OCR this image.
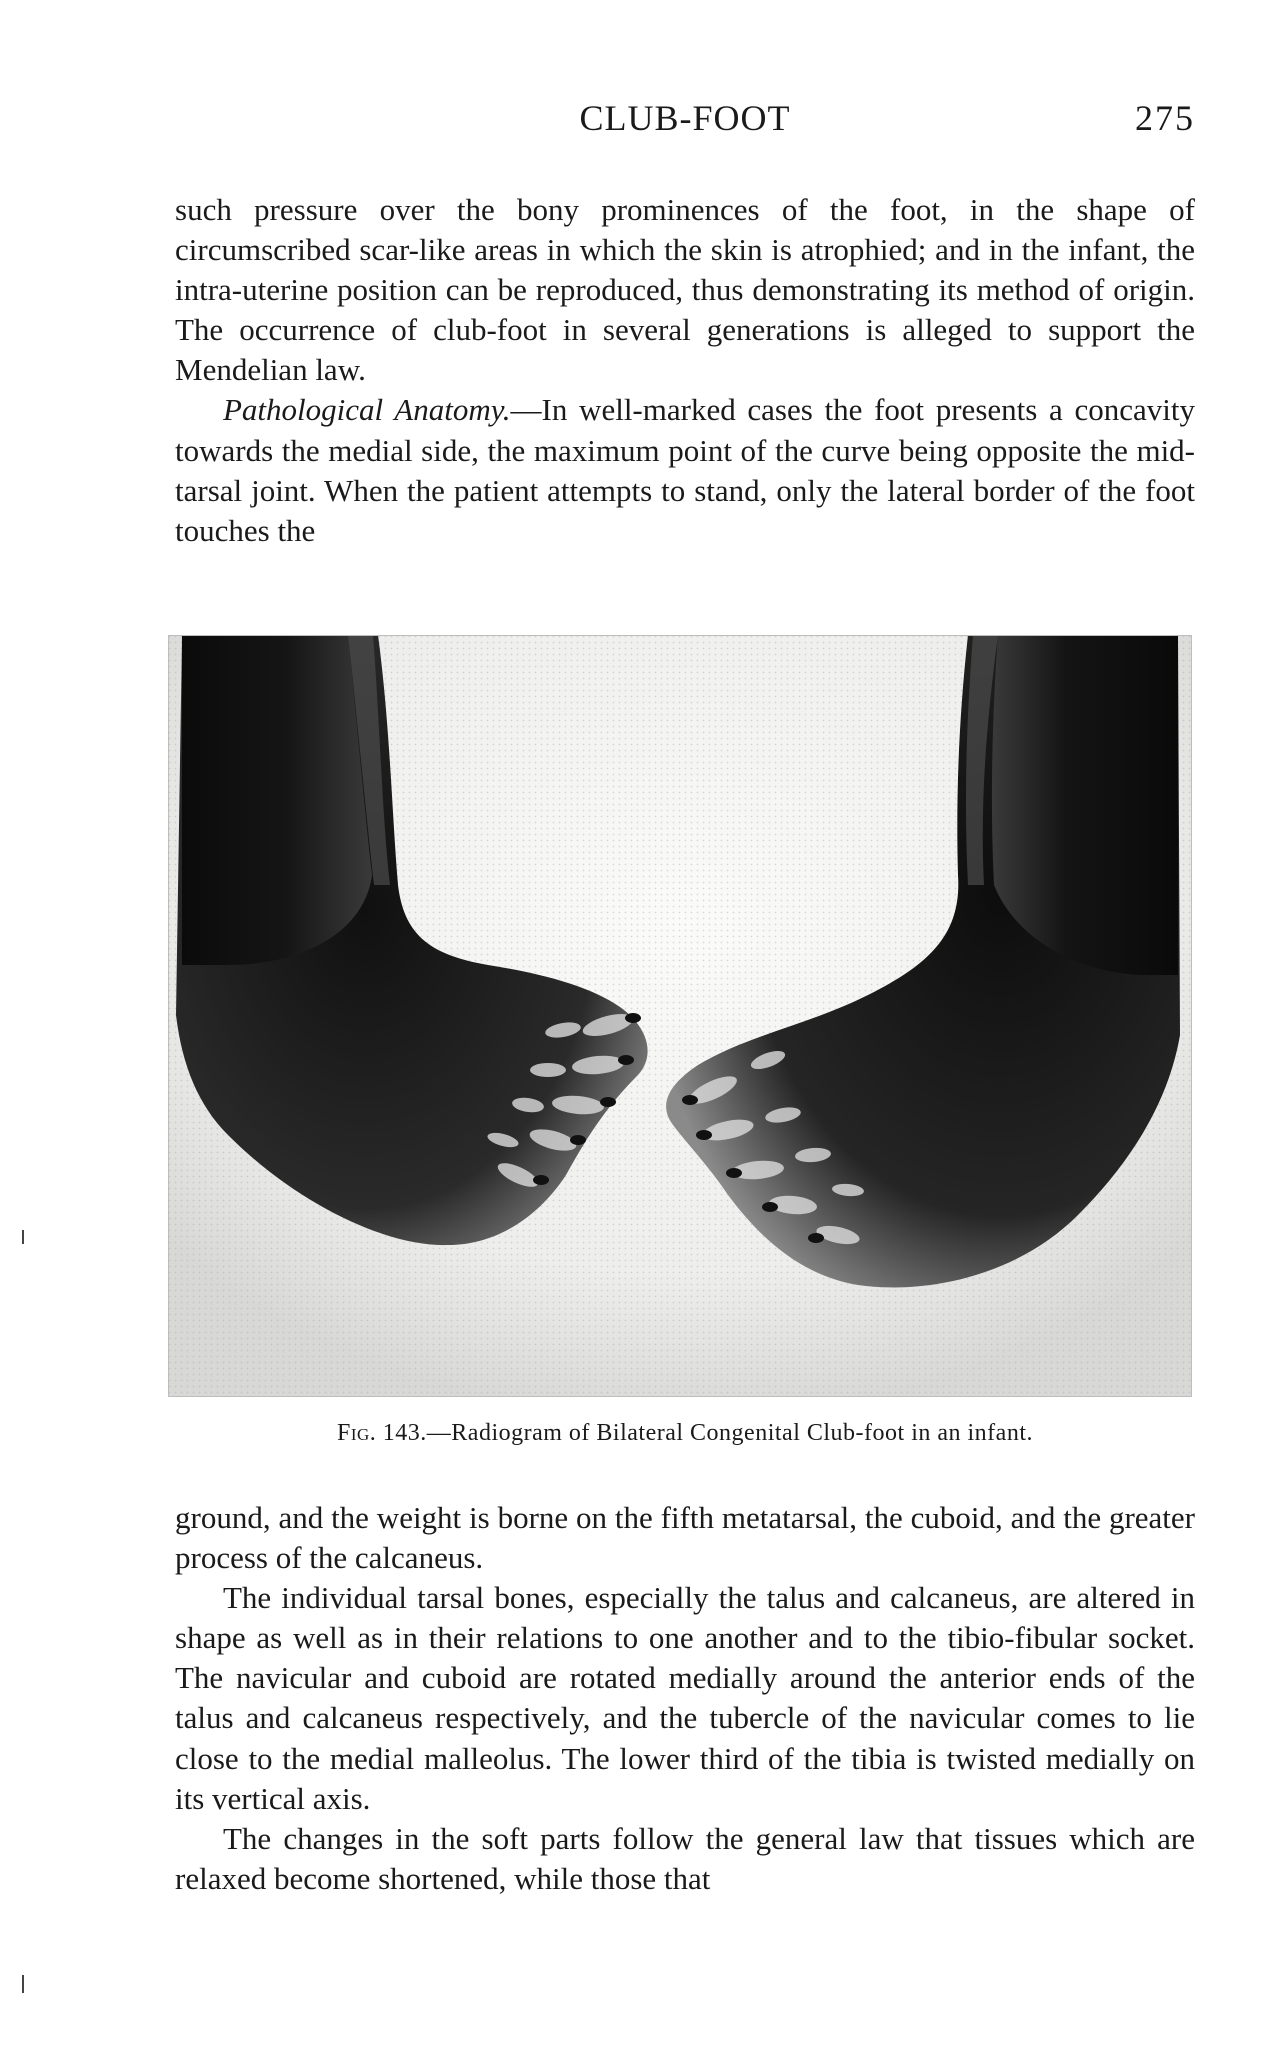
CLUB-FOOT	275

such pressure over the bony prominences of the foot, in the shape of circumscribed scar-like areas in which the skin is atrophied; and in the infant, the intra-uterine position can be reproduced, thus demonstrating its method of origin. The occurrence of club-foot in several generations is alleged to support the Mendelian law.

Pathological Anatomy.—In well-marked cases the foot presents a concavity towards the medial side, the maximum point of the curve being opposite the mid-tarsal joint. When the patient attempts to stand, only the lateral border of the foot touches the

Fig. 143.—Radiogram of Bilateral Congenital Club-foot in an infant.

ground, and the weight is borne on the fifth metatarsal, the cuboid, and the greater process of the calcaneus.

The individual tarsal bones, especially the talus and calcaneus, are altered in shape as well as in their relations to one another and to the tibio-fibular socket. The navicular and cuboid are rotated medially around the anterior ends of the talus and calcaneus respectively, and the tubercle of the navicular comes to lie close to the medial malleolus. The lower third of the tibia is twisted medially on its vertical axis.

The changes in the soft parts follow the general law that tissues which are relaxed become shortened, while those that
